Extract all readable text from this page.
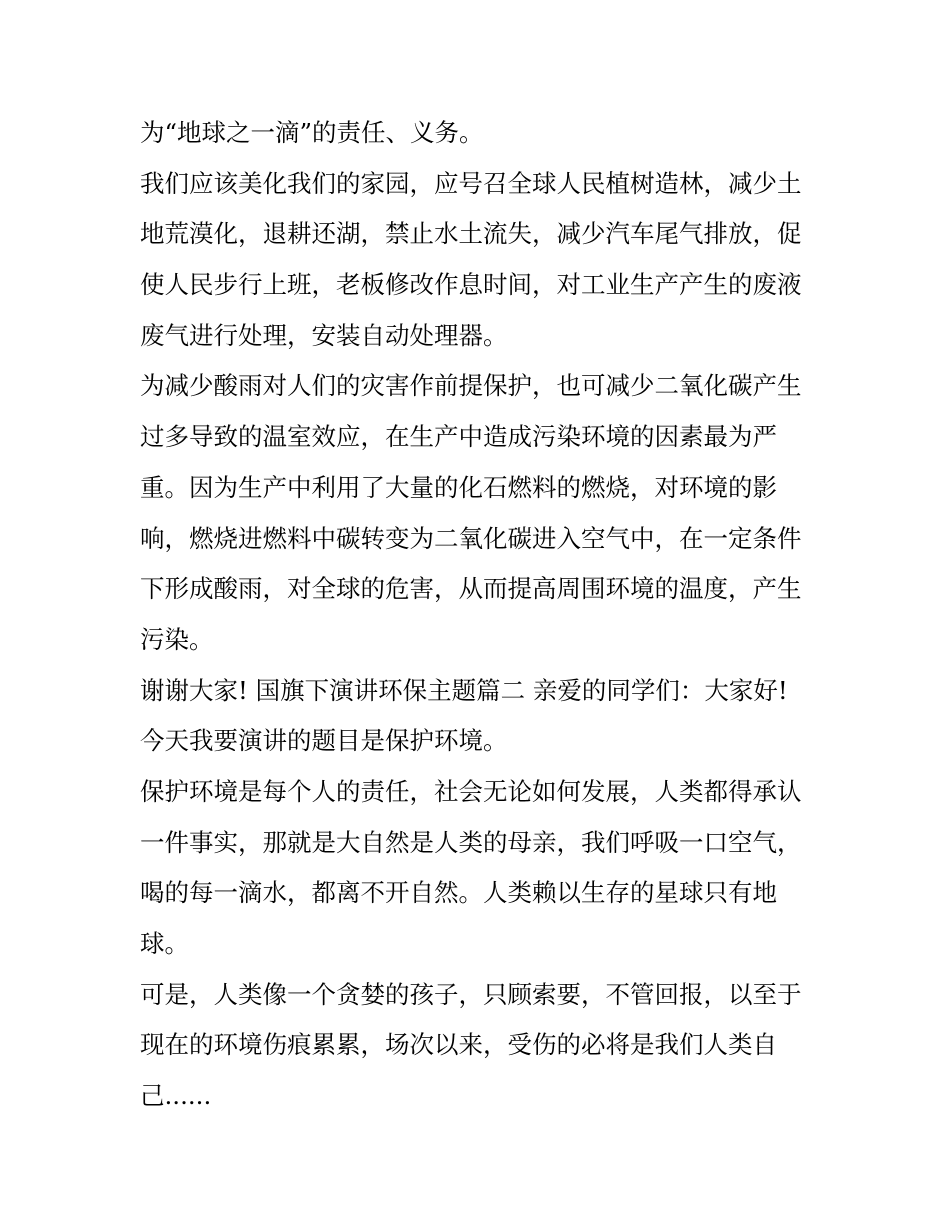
为“地球之一滴”的责任、义务。
我们应该美化我们的家园，应号召全球人民植树造林，减少土
地荒漠化，退耕还湖，禁止水土流失，减少汽车尾气排放，促
使人民步行上班，老板修改作息时间，对工业生产产生的废液
废气进行处理，安装自动处理器。
为减少酸雨对人们的灾害作前提保护，也可减少二氧化碳产生
过多导致的温室效应，在生产中造成污染环境的因素最为严
重。因为生产中利用了大量的化石燃料的燃烧，对环境的影
响，燃烧进燃料中碳转变为二氧化碳进入空气中，在一定条件
下形成酸雨，对全球的危害，从而提高周围环境的温度，产生
污染。
谢谢大家! 国旗下演讲环保主题篇二 亲爱的同学们：大家好!
今天我要演讲的题目是保护环境。
保护环境是每个人的责任，社会无论如何发展，人类都得承认
一件事实，那就是大自然是人类的母亲，我们呼吸一口空气，
喝的每一滴水，都离不开自然。人类赖以生存的星球只有地
球。
可是，人类像一个贪婪的孩子，只顾索要，不管回报，以至于
现在的环境伤痕累累，场次以来，受伤的必将是我们人类自
己......
